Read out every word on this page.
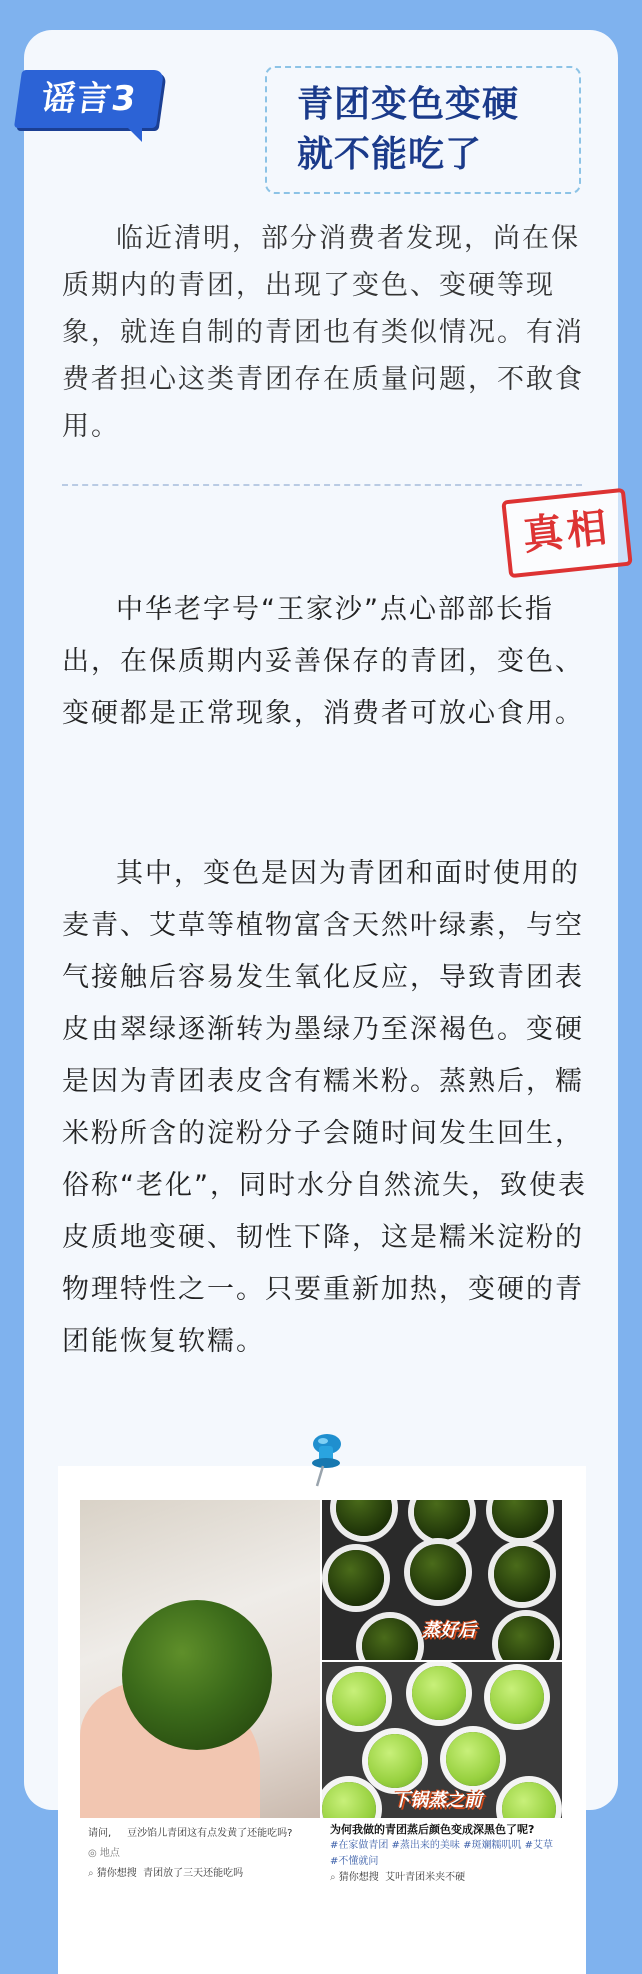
谣言3	青团变色变硬
就不能吃了

临近清明，部分消费者发现，尚在保质期内的青团，出现了变色、变硬等现象，就连自制的青团也有类似情况。有消费者担心这类青团存在质量问题，不敢食用。

真相

中华老字号“王家沙”点心部部长指出，在保质期内妥善保存的青团，变色、变硬都是正常现象，消费者可放心食用。

其中，变色是因为青团和面时使用的麦青、艾草等植物富含天然叶绿素，与空气接触后容易发生氧化反应，导致青团表皮由翠绿逐渐转为墨绿乃至深褐色。变硬是因为青团表皮含有糯米粉。蒸熟后，糯米粉所含的淀粉分子会随时间发生回生，俗称“老化”，同时水分自然流失，致使表皮质地变硬、韧性下降，这是糯米淀粉的物理特性之一。只要重新加热，变硬的青团能恢复软糯。

蒸好后
下锅蒸之前
请问, 豆沙馅儿青团这有点发黄了还能吃吗?
◎ 地点
⌕ 猜你想搜 青团放了三天还能吃吗
为何我做的青团蒸后颜色变成深黑色了呢?
#在家做青团 #蒸出来的美味 #斑斓糯叽叽 #艾草 #不懂就问
⌕ 猜你想搜 艾叶青团米夹不硬
